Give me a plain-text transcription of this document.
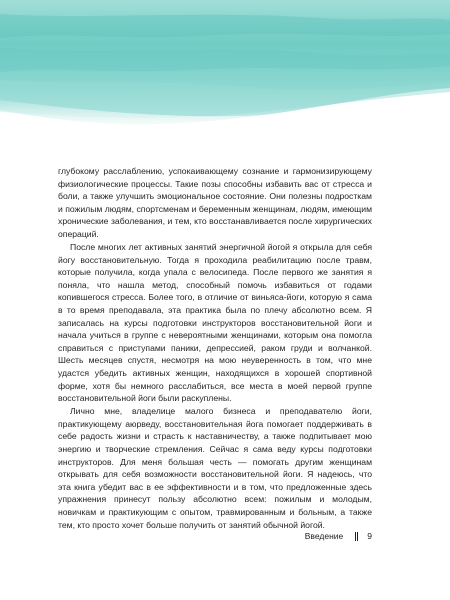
глубокому расслаблению, успокаивающему сознание и гармонизирующему физиологические процессы. Такие позы способны избавить вас от стресса и боли, а также улучшить эмоциональное состояние. Они полезны подросткам и пожилым людям, спортсменам и беременным женщинам, людям, имеющим хронические заболевания, и тем, кто восстанавливается после хирургических операций.

После многих лет активных занятий энергичной йогой я открыла для себя йогу восстановительную. Тогда я проходила реабилитацию после травм, которые получила, когда упала с велосипеда. После первого же занятия я поняла, что нашла метод, способный помочь избавиться от годами копившегося стресса. Более того, в отличие от виньяса-йоги, которую я сама в то время преподавала, эта практика была по плечу абсолютно всем. Я записалась на курсы подготовки инструкторов восстановительной йоги и начала учиться в группе с невероятными женщинами, которым она помогла справиться с приступами паники, депрессией, раком груди и волчанкой. Шесть месяцев спустя, несмотря на мою неуверенность в том, что мне удастся убедить активных женщин, находящихся в хорошей спортивной форме, хотя бы немного расслабиться, все места в моей первой группе восстановительной йоги были раскуплены.

Лично мне, владелице малого бизнеса и преподавателю йоги, практикующему аюрведу, восстановительная йога помогает поддерживать в себе радость жизни и страсть к наставничеству, а также подпитывает мою энергию и творческие стремления. Сейчас я сама веду курсы подготовки инструкторов. Для меня большая честь — помогать другим женщинам открывать для себя возможности восстановительной йоги. Я надеюсь, что эта книга убедит вас в ее эффективности и в том, что предложенные здесь упражнения принесут пользу абсолютно всем: пожилым и молодым, новичкам и практикующим с опытом, травмированным и больным, а также тем, кто просто хочет больше получить от занятий обычной йогой.

Введение	9
